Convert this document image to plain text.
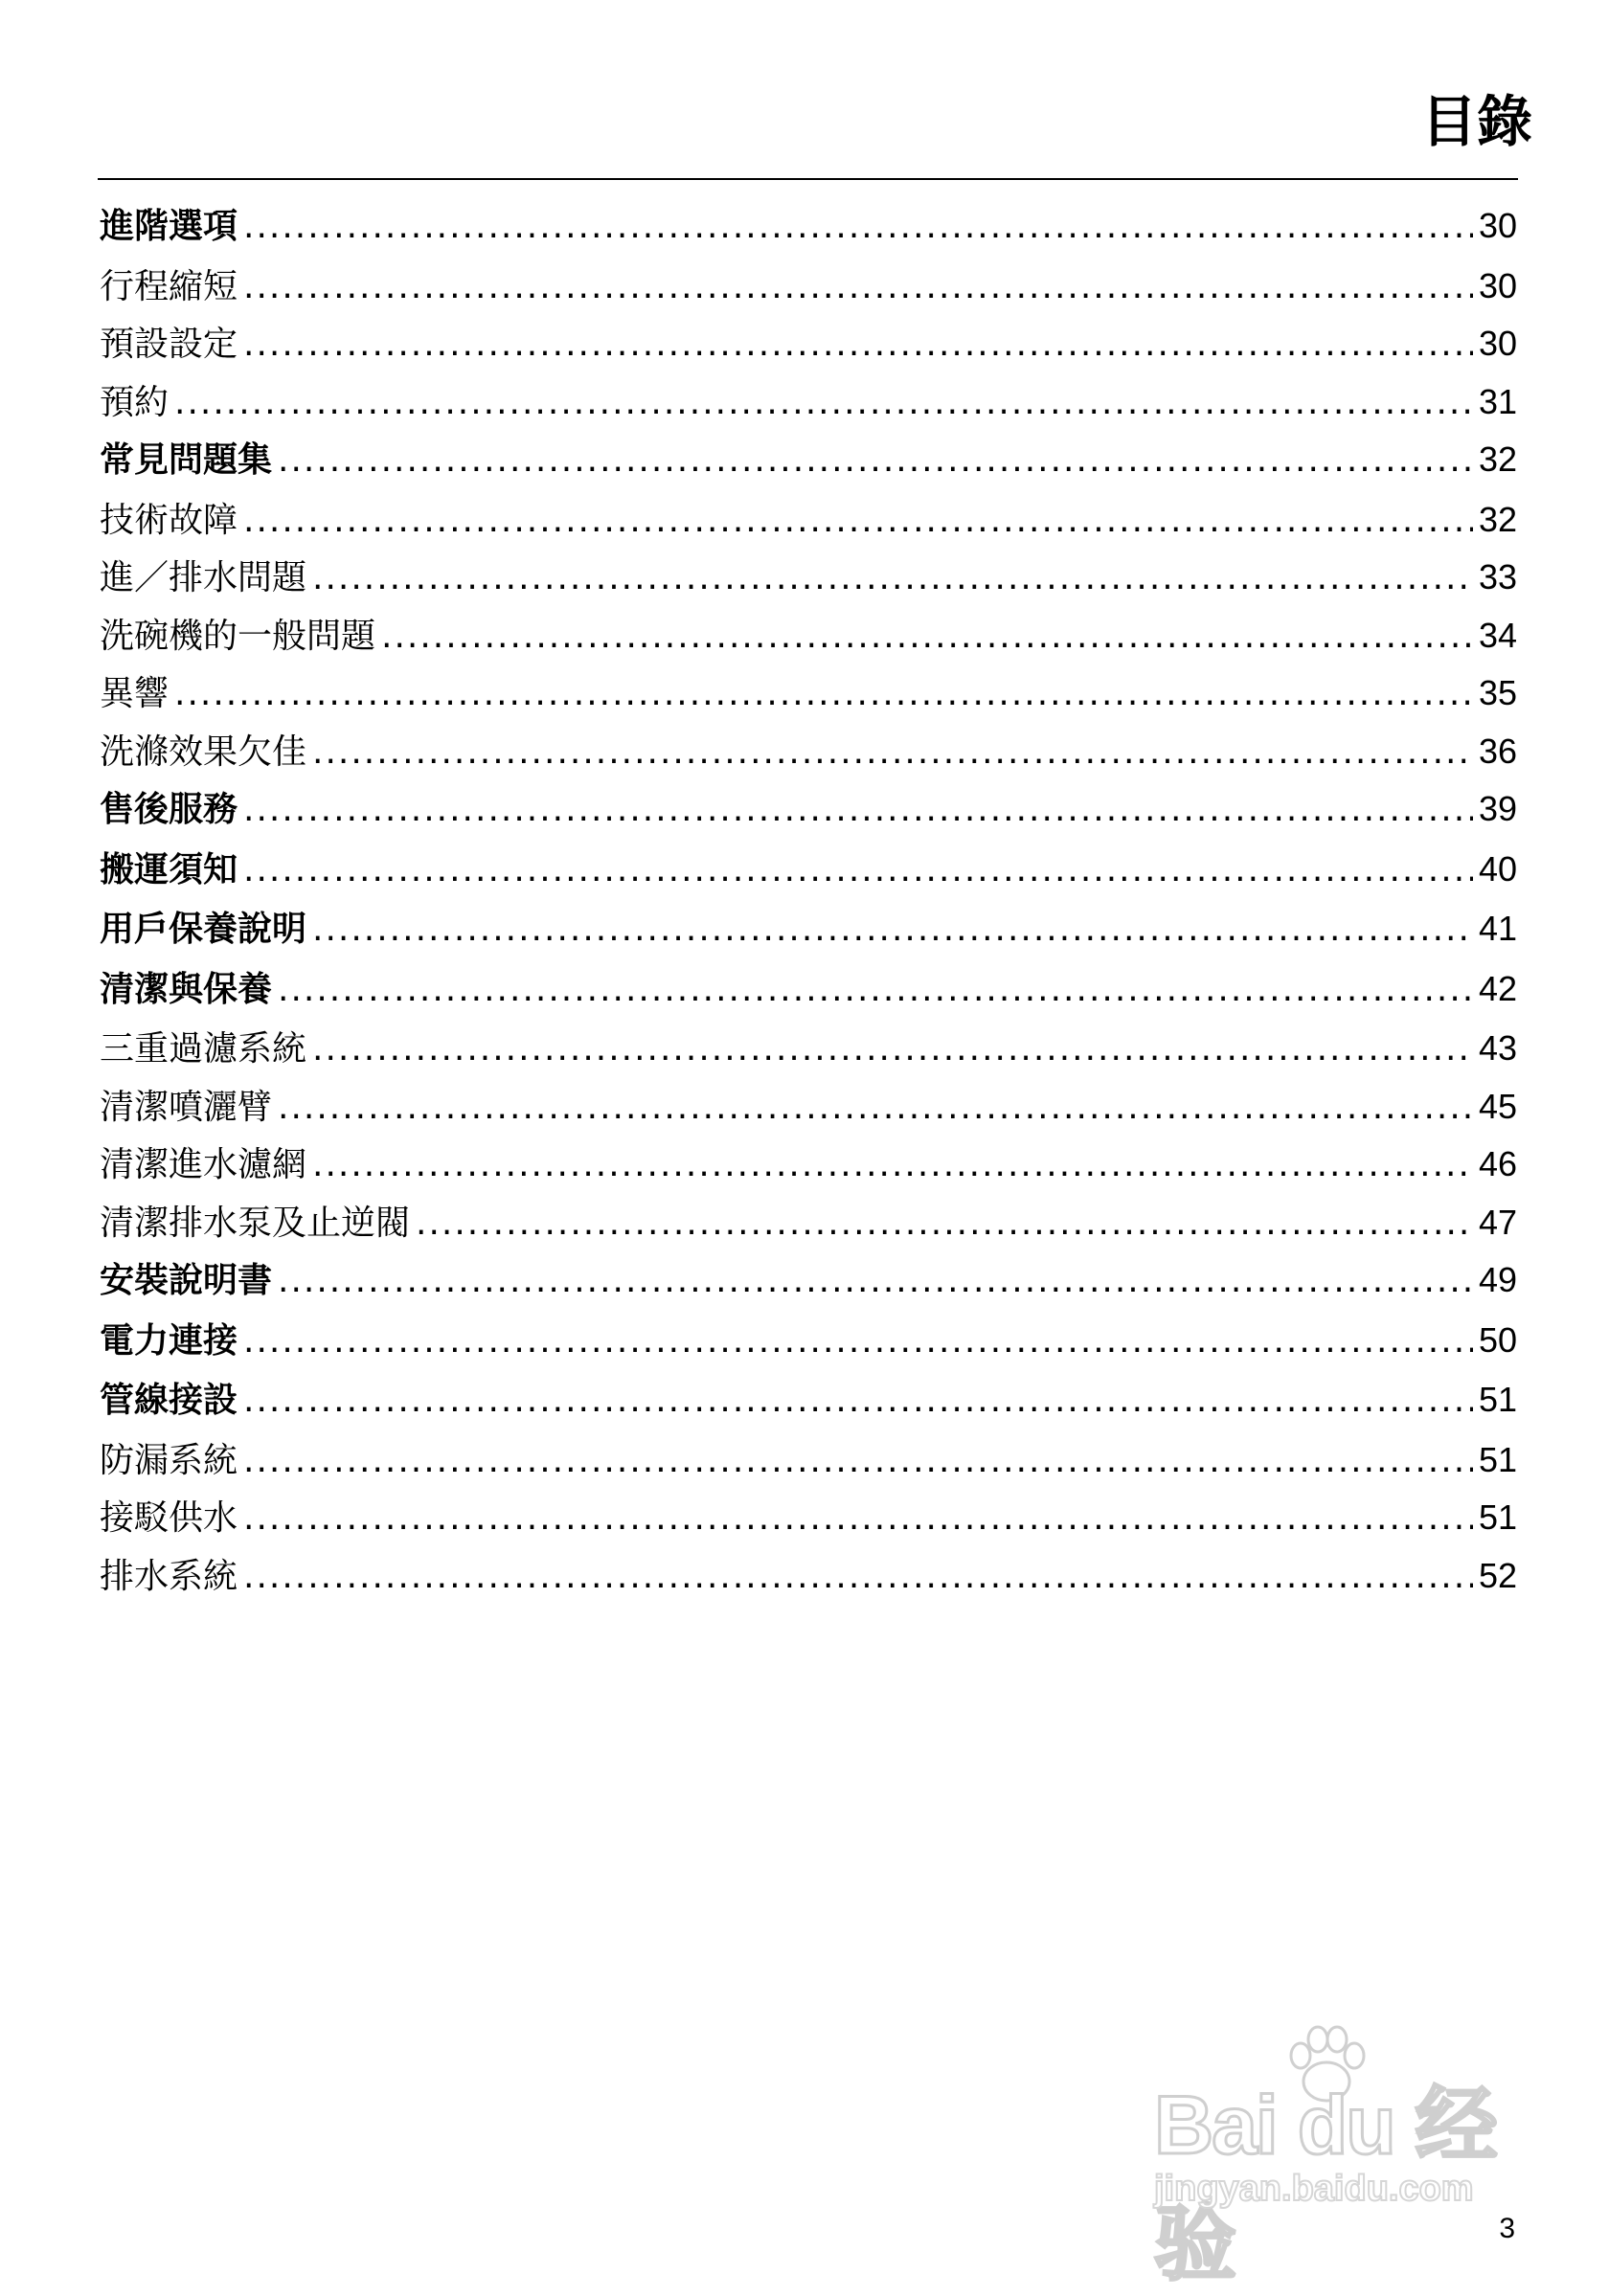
目錄
進階選項 .....	30
行程縮短 .....	30
預設設定 .....	30
預約 .....	31
常見問題集 .....	32
技術故障 .....	32
進／排水問題 .....	33
洗碗機的一般問題 .....	34
異響 .....	35
洗滌效果欠佳 .....	36
售後服務 .....	39
搬運須知 .....	40
用戶保養說明 .....	41
清潔與保養 .....	42
三重過濾系統 .....	43
清潔噴灑臂 .....	45
清潔進水濾網 .....	46
清潔排水泵及止逆閥 .....	47
安裝說明書 .....	49
電力連接 .....	50
管線接設 .....	51
防漏系統 .....	51
接駁供水 .....	51
排水系統 .....	52
Bai du 经验
jingyan.baidu.com
3
